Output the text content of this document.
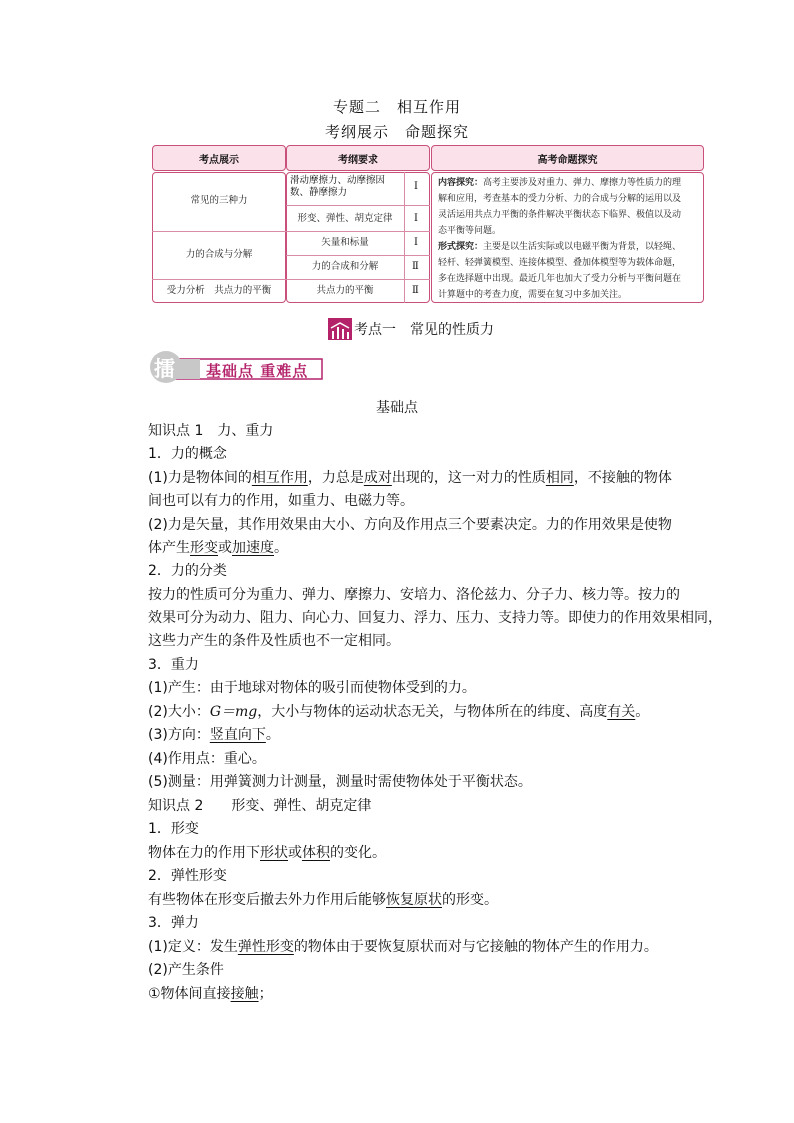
专题二　相互作用
考纲展示　命题探究
考点展示	考纲要求	高考命题探究
常见的三种力
力的合成与分解
受力分析　共点力的平衡
滑动摩擦力、动摩擦因数、静摩擦力
形变、弹性、胡克定律
矢量和标量
力的合成和分解
共点力的平衡
Ⅰ
Ⅰ
Ⅰ
Ⅱ
Ⅱ
内容探究：高考主要涉及对重力、弹力、摩擦力等性质力的理
解和应用，考查基本的受力分析、力的合成与分解的运用以及
灵活运用共点力平衡的条件解决平衡状态下临界、极值以及动
态平衡等问题。
形式探究：主要是以生活实际或以电磁平衡为背景，以轻绳、
轻杆、轻弹簧模型、连接体模型、叠加体模型等为载体命题，
多在选择题中出现。最近几年也加大了受力分析与平衡问题在
计算题中的考查力度，需要在复习中多加关注。
考点一　常见的性质力
擂 基础点 重难点
基础点
知识点 1　力、重力
1．力的概念
(1)力是物体间的相互作用，力总是成对出现的，这一对力的性质相同，不接触的物体
间也可以有力的作用，如重力、电磁力等。
(2)力是矢量，其作用效果由大小、方向及作用点三个要素决定。力的作用效果是使物
体产生形变或加速度。
2．力的分类
按力的性质可分为重力、弹力、摩擦力、安培力、洛伦兹力、分子力、核力等。按力的
效果可分为动力、阻力、向心力、回复力、浮力、压力、支持力等。即使力的作用效果相同，
这些力产生的条件及性质也不一定相同。
3．重力
(1)产生：由于地球对物体的吸引而使物体受到的力。
(2)大小：G＝mg，大小与物体的运动状态无关，与物体所在的纬度、高度有关。
(3)方向：竖直向下。
(4)作用点：重心。
(5)测量：用弹簧测力计测量，测量时需使物体处于平衡状态。
知识点 2　　形变、弹性、胡克定律
1．形变
物体在力的作用下形状或体积的变化。
2．弹性形变
有些物体在形变后撤去外力作用后能够恢复原状的形变。
3．弹力
(1)定义：发生弹性形变的物体由于要恢复原状而对与它接触的物体产生的作用力。
(2)产生条件
①物体间直接接触；
